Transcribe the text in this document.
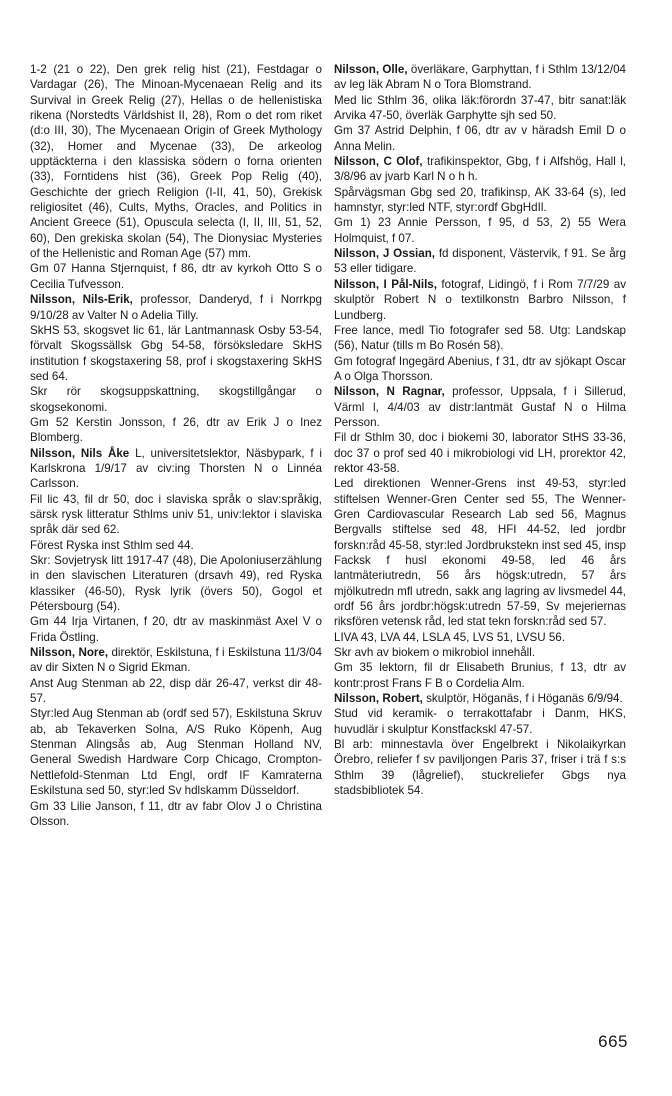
1-2 (21 o 22), Den grek relig hist (21), Festdagar o Vardagar (26), The Minoan-Mycenaean Relig and its Survival in Greek Relig (27), Hellas o de hellenistiska rikena (Norstedts Världshist II, 28), Rom o det rom riket (d:o III, 30), The Mycenaean Origin of Greek Mythology (32), Homer and Mycenae (33), De arkeolog upptäckterna i den klassiska södern o forna orienten (33), Forntidens hist (36), Greek Pop Relig (40), Geschichte der griech Religion (I-II, 41, 50), Grekisk religiositet (46), Cults, Myths, Oracles, and Politics in Ancient Greece (51), Opuscula selecta (I, II, III, 51, 52, 60), Den grekiska skolan (54), The Dionysiac Mysteries of the Hellenistic and Roman Age (57) mm.

Gm 07 Hanna Stjernquist, f 86, dtr av kyrkoh Otto S o Cecilia Tufvesson.

Nilsson, Nils-Erik, professor, Danderyd, f i Norrkpg 9/10/28 av Valter N o Adelia Tilly.

SkHS 53, skogsvet lic 61, lär Lantmannask Osby 53-54, förvalt Skogssällsk Gbg 54-58, försöksledare SkHS institution f skogstaxering 58, prof i skogstaxering SkHS sed 64.

Skr rör skogsuppskattning, skogstillgångar o skogsekonomi.

Gm 52 Kerstin Jonsson, f 26, dtr av Erik J o Inez Blomberg.

Nilsson, Nils Åke L, universitetslektor, Näsbypark, f i Karlskrona 1/9/17 av civ:ing Thorsten N o Linnéa Carlsson.

Fil lic 43, fil dr 50, doc i slaviska språk o slav:språkig, särsk rysk litteratur Sthlms univ 51, univ:lektor i slaviska språk där sed 62.

Förest Ryska inst Sthlm sed 44.

Skr: Sovjetrysk litt 1917-47 (48), Die Apoloniuserzählung in den slavischen Literaturen (drsavh 49), red Ryska klassiker (46-50), Rysk lyrik (övers 50), Gogol et Pétersbourg (54).

Gm 44 Irja Virtanen, f 20, dtr av maskinmäst Axel V o Frida Östling.

Nilsson, Nore, direktör, Eskilstuna, f i Eskilstuna 11/3/04 av dir Sixten N o Sigrid Ekman.

Anst Aug Stenman ab 22, disp där 26-47, verkst dir 48-57.

Styr:led Aug Stenman ab (ordf sed 57), Eskilstuna Skruv ab, ab Tekaverken Solna, A/S Ruko Köpenh, Aug Stenman Alingsås ab, Aug Stenman Holland NV, General Swedish Hardware Corp Chicago, Crompton-Nettlefold-Stenman Ltd Engl, ordf IF Kamraterna Eskilstuna sed 50, styr:led Sv hdlskamm Düsseldorf.

Gm 33 Lilie Janson, f 11, dtr av fabr Olov J o Christina Olsson.

Nilsson, Olle, överläkare, Garphyttan, f i Sthlm 13/12/04 av leg läk Abram N o Tora Blomstrand.

Med lic Sthlm 36, olika läk:förordn 37-47, bitr sanat:läk Arvika 47-50, överläk Garphytte sjh sed 50.

Gm 37 Astrid Delphin, f 06, dtr av v häradsh Emil D o Anna Melin.

Nilsson, C Olof, trafikinspektor, Gbg, f i Alfshög, Hall l, 3/8/96 av jvarb Karl N o h h.

Spårvägsman Gbg sed 20, trafikinsp, AK 33-64 (s), led hamnstyr, styr:led NTF, styr:ordf GbgHdIl.

Gm 1) 23 Annie Persson, f 95, d 53, 2) 55 Wera Holmquist, f 07.

Nilsson, J Ossian, fd disponent, Västervik, f 91. Se årg 53 eller tidigare.

Nilsson, I Pål-Nils, fotograf, Lidingö, f i Rom 7/7/29 av skulptör Robert N o textilkonstn Barbro Nilsson, f Lundberg.

Free lance, medl Tio fotografer sed 58. Utg: Landskap (56), Natur (tills m Bo Rosén 58).

Gm fotograf Ingegärd Abenius, f 31, dtr av sjökapt Oscar A o Olga Thorsson.

Nilsson, N Ragnar, professor, Uppsala, f i Sillerud, Värml l, 4/4/03 av distr:lantmät Gustaf N o Hilma Persson.

Fil dr Sthlm 30, doc i biokemi 30, laborator StHS 33-36, doc 37 o prof sed 40 i mikrobiologi vid LH, prorektor 42, rektor 43-58.

Led direktionen Wenner-Grens inst 49-53, styr:led stiftelsen Wenner-Gren Center sed 55, The Wenner-Gren Cardiovascular Research Lab sed 56, Magnus Bergvalls stiftelse sed 48, HFI 44-52, led jordbr forskn:råd 45-58, styr:led Jordbrukstekn inst sed 45, insp Facksk f husl ekonomi 49-58, led 46 års lantmäteriutredn, 56 års högsk:utredn, 57 års mjölkutredn mfl utredn, sakk ang lagring av livsmedel 44, ordf 56 års jordbr:högsk:utredn 57-59, Sv mejeriernas riksfören vetensk råd, led stat tekn forskn:råd sed 57.

LIVA 43, LVA 44, LSLA 45, LVS 51, LVSU 56.

Skr avh av biokem o mikrobiol innehåll.

Gm 35 lektorn, fil dr Elisabeth Brunius, f 13, dtr av kontr:prost Frans F B o Cordelia Alm.

Nilsson, Robert, skulptör, Höganäs, f i Höganäs 6/9/94.

Stud vid keramik- o terrakottafabr i Danm, HKS, huvudlär i skulptur Konstfackskl 47-57.

Bl arb: minnestavla över Engelbrekt i Nikolaikyrkan Örebro, reliefer f sv paviljongen Paris 37, friser i trä f s:s Sthlm 39 (lågrelief), stuckreliefer Gbgs nya stadsbibliotek 54.

665
